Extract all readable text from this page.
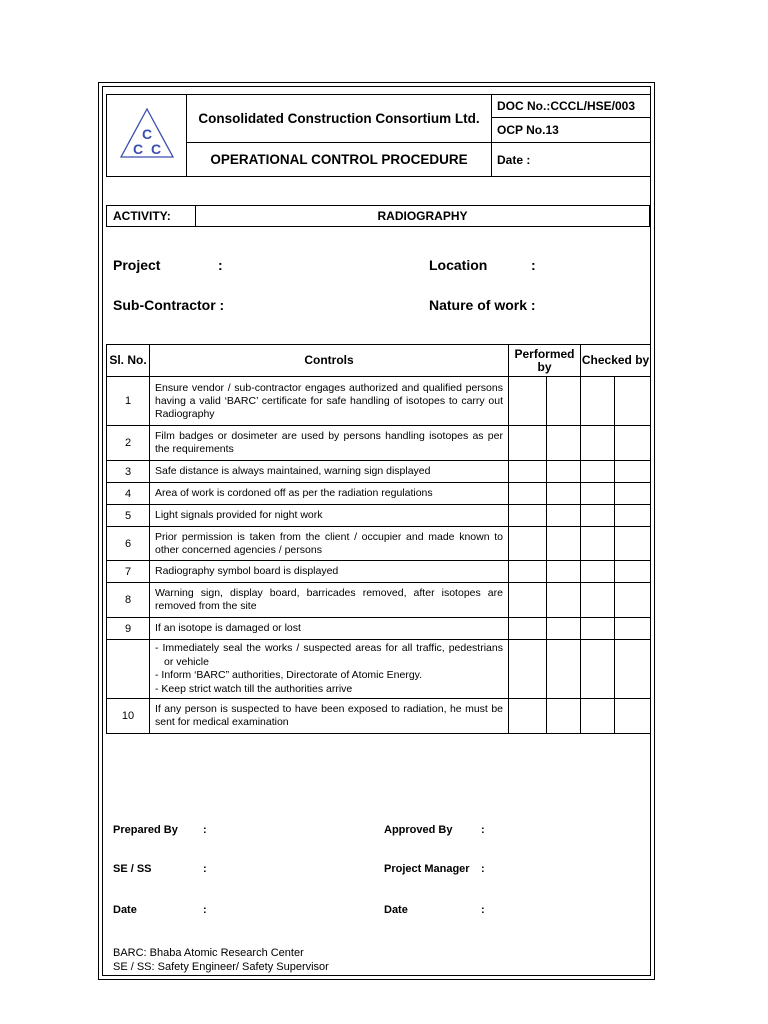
C
C C	Consolidated Construction Consortium Ltd.	DOC No.:CCCL/HSE/003
		OCP No.13
	OPERATIONAL CONTROL PROCEDURE	Date :
ACTIVITY:	RADIOGRAPHY
Project	:	Location	:
Sub-Contractor :	Nature of work :
Sl. No.	Controls	Performed by		Checked by	
1	Ensure vendor / sub-contractor engages authorized and qualified persons having a valid ‘BARC’ certificate for safe handling of isotopes to carry out Radiography				
2	Film badges or dosimeter are used by persons handling isotopes as per the requirements				
3	Safe distance is always maintained, warning sign displayed				
4	Area of work is cordoned off as per the radiation regulations				
5	Light signals provided for night work				
6	Prior permission is taken from the client / occupier and made known to other concerned agencies / persons				
7	Radiography symbol board is displayed				
8	Warning sign, display board, barricades removed, after isotopes are removed from the site				
9	If an isotope is damaged or lost				

	- Immediately seal the works / suspected areas for all traffic, pedestrians or vehicle
- Inform ‘BARC” authorities, Directorate of Atomic Energy.
- Keep strict watch till the authorities arrive				

10	If any person is suspected to have been exposed to radiation, he must be sent for medical examination				
Prepared By :	Approved By	:
SE / SS	:	Project Manager :
Date	:	Date	:
BARC: Bhaba Atomic Research Center
SE / SS: Safety Engineer/ Safety Supervisor
